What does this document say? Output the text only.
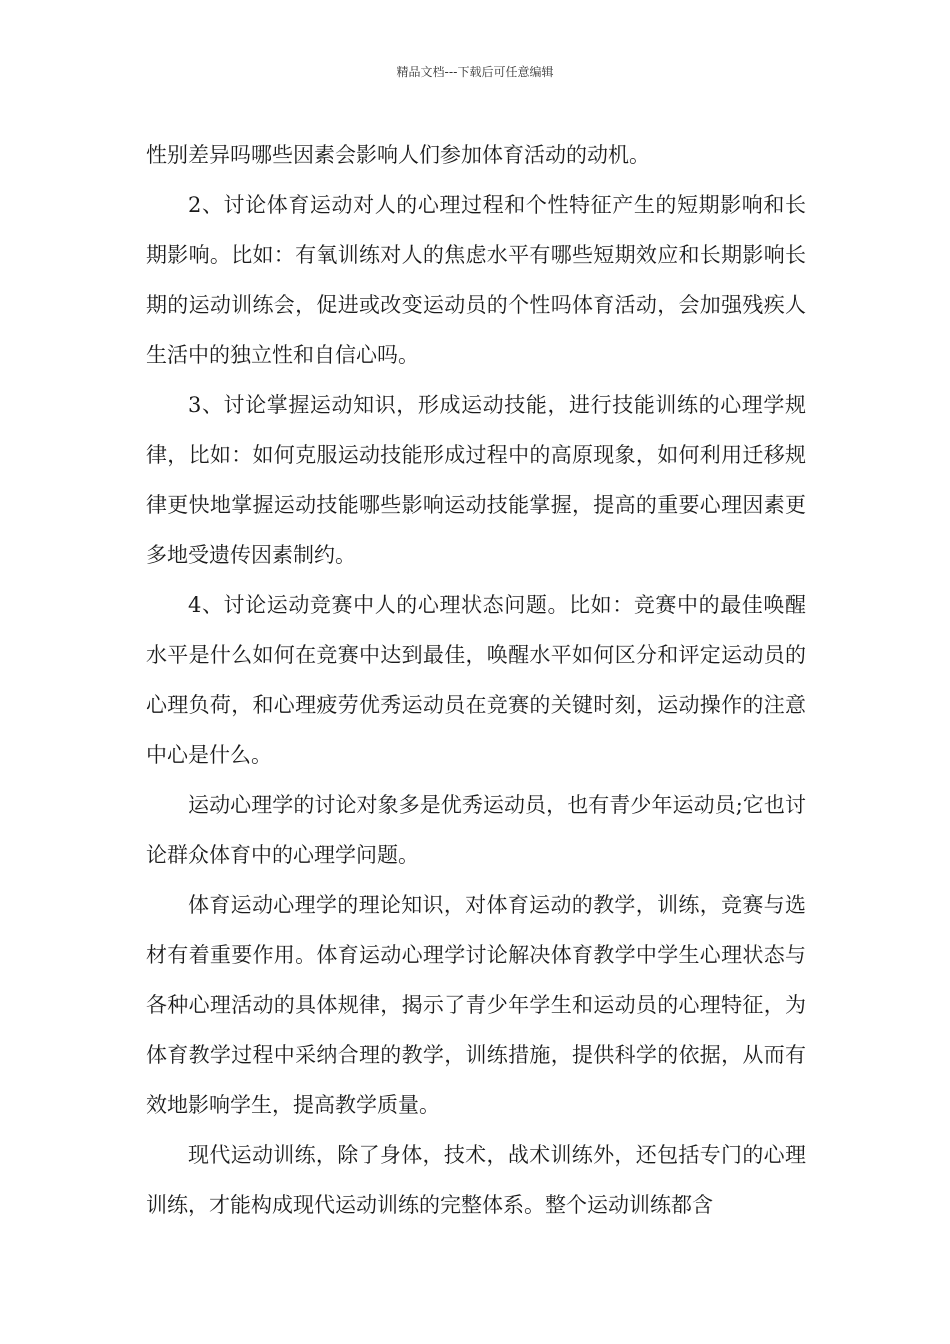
精品文档---下载后可任意编辑

性别差异吗哪些因素会影响人们参加体育活动的动机。

2、讨论体育运动对人的心理过程和个性特征产生的短期影响和长期影响。比如：有氧训练对人的焦虑水平有哪些短期效应和长期影响长期的运动训练会，促进或改变运动员的个性吗体育活动，会加强残疾人生活中的独立性和自信心吗。

3、讨论掌握运动知识，形成运动技能，进行技能训练的心理学规律，比如：如何克服运动技能形成过程中的高原现象，如何利用迁移规律更快地掌握运动技能哪些影响运动技能掌握，提高的重要心理因素更多地受遗传因素制约。

4、讨论运动竞赛中人的心理状态问题。比如：竞赛中的最佳唤醒水平是什么如何在竞赛中达到最佳，唤醒水平如何区分和评定运动员的心理负荷，和心理疲劳优秀运动员在竞赛的关键时刻，运动操作的注意中心是什么。

运动心理学的讨论对象多是优秀运动员，也有青少年运动员;它也讨论群众体育中的心理学问题。

体育运动心理学的理论知识，对体育运动的教学，训练，竞赛与选材有着重要作用。体育运动心理学讨论解决体育教学中学生心理状态与各种心理活动的具体规律，揭示了青少年学生和运动员的心理特征，为体育教学过程中采纳合理的教学，训练措施，提供科学的依据，从而有效地影响学生，提高教学质量。

现代运动训练，除了身体，技术，战术训练外，还包括专门的心理训练，才能构成现代运动训练的完整体系。整个运动训练都含
